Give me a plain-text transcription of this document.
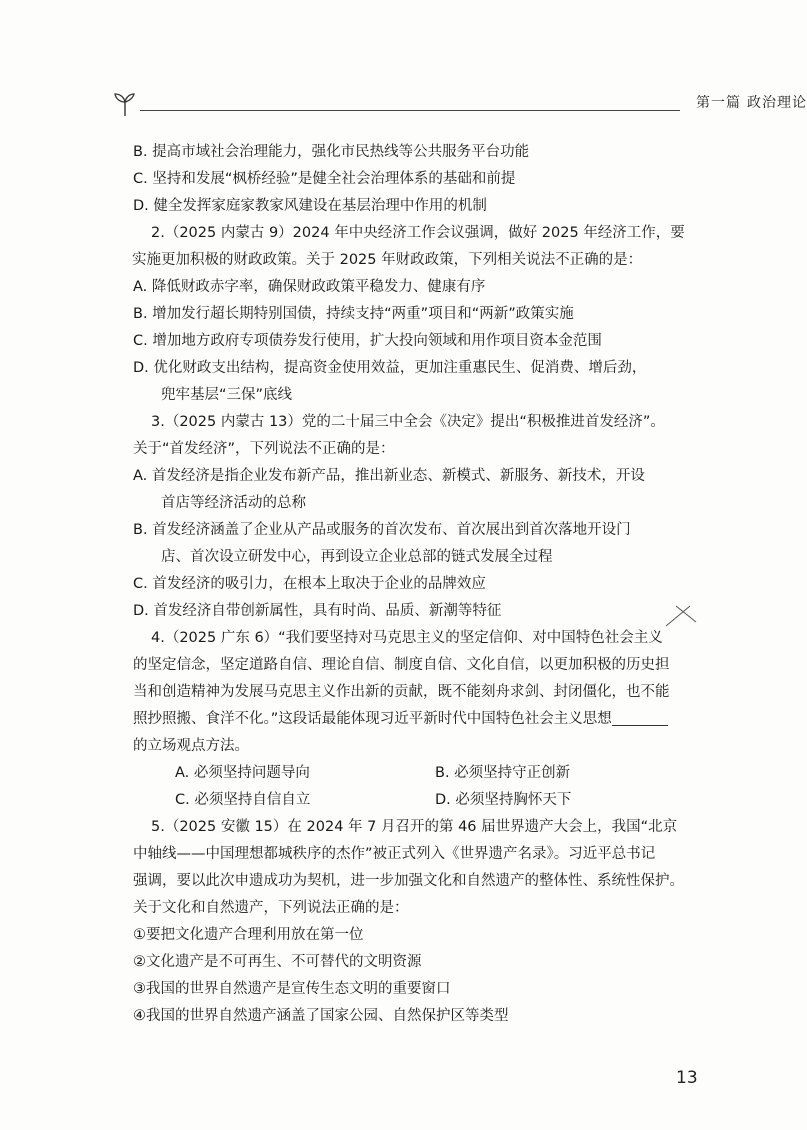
第一篇 政治理论
B. 提高市域社会治理能力，强化市民热线等公共服务平台功能
C. 坚持和发展“枫桥经验”是健全社会治理体系的基础和前提
D. 健全发挥家庭家教家风建设在基层治理中作用的机制
2.（2025 内蒙古 9）2024 年中央经济工作会议强调，做好 2025 年经济工作，要
实施更加积极的财政政策。关于 2025 年财政政策，下列相关说法不正确的是：
A. 降低财政赤字率，确保财政政策平稳发力、健康有序
B. 增加发行超长期特别国债，持续支持“两重”项目和“两新”政策实施
C. 增加地方政府专项债券发行使用，扩大投向领域和用作项目资本金范围
D. 优化财政支出结构，提高资金使用效益，更加注重惠民生、促消费、增后劲，
兜牢基层“三保”底线
3.（2025 内蒙古 13）党的二十届三中全会《决定》提出“积极推进首发经济”。
关于“首发经济”，下列说法不正确的是：
A. 首发经济是指企业发布新产品，推出新业态、新模式、新服务、新技术，开设
首店等经济活动的总称
B. 首发经济涵盖了企业从产品或服务的首次发布、首次展出到首次落地开设门
店、首次设立研发中心，再到设立企业总部的链式发展全过程
C. 首发经济的吸引力，在根本上取决于企业的品牌效应
D. 首发经济自带创新属性，具有时尚、品质、新潮等特征
4.（2025 广东 6）“我们要坚持对马克思主义的坚定信仰、对中国特色社会主义
的坚定信念，坚定道路自信、理论自信、制度自信、文化自信，以更加积极的历史担
当和创造精神为发展马克思主义作出新的贡献，既不能刻舟求剑、封闭僵化，也不能
照抄照搬、食洋不化。”这段话最能体现习近平新时代中国特色社会主义思想
的立场观点方法。
A. 必须坚持问题导向	B. 必须坚持守正创新
C. 必须坚持自信自立	D. 必须坚持胸怀天下
5.（2025 安徽 15）在 2024 年 7 月召开的第 46 届世界遗产大会上，我国“北京
中轴线——中国理想都城秩序的杰作”被正式列入《世界遗产名录》。习近平总书记
强调，要以此次申遗成功为契机，进一步加强文化和自然遗产的整体性、系统性保护。
关于文化和自然遗产，下列说法正确的是：
①要把文化遗产合理利用放在第一位
②文化遗产是不可再生、不可替代的文明资源
③我国的世界自然遗产是宣传生态文明的重要窗口
④我国的世界自然遗产涵盖了国家公园、自然保护区等类型
13
